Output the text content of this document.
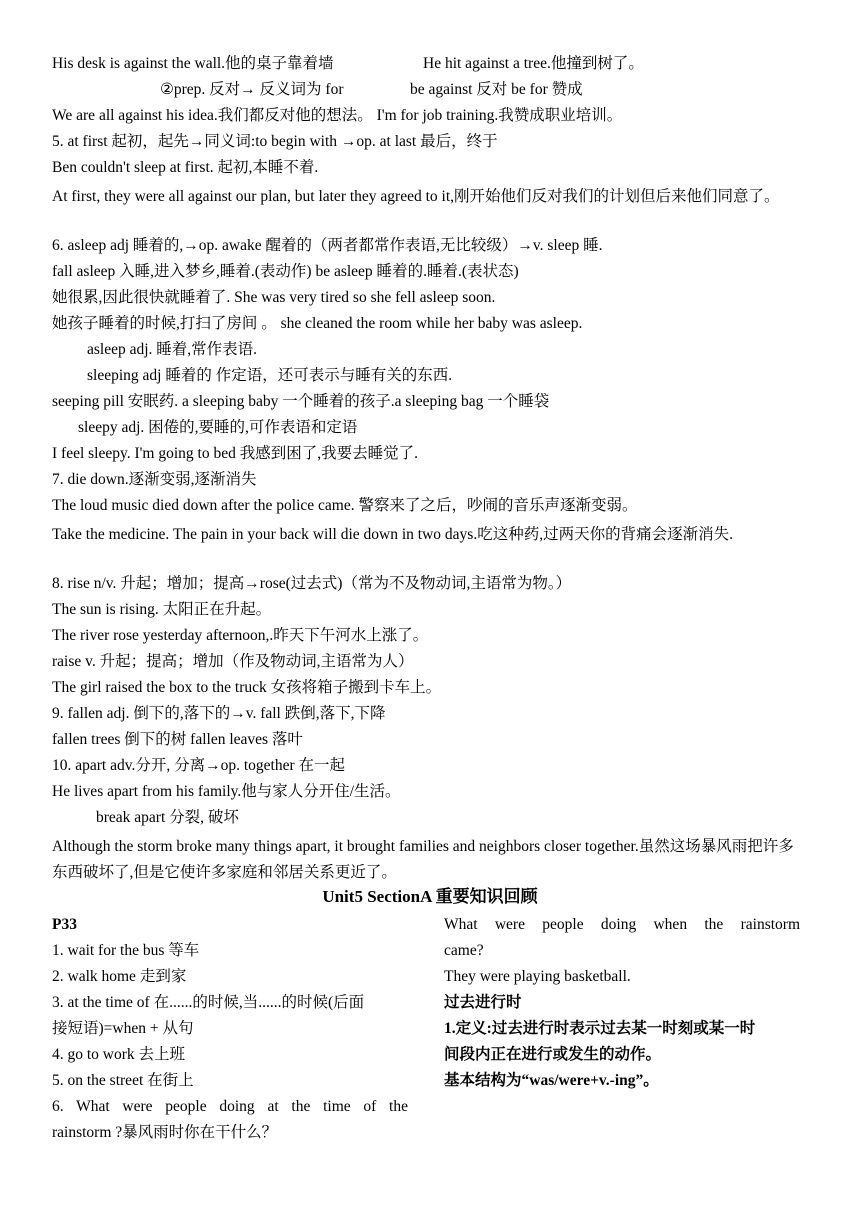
His desk is against the wall.他的桌子靠着墙	He hit against a tree.他撞到树了。
②prep. 反对→ 反义词为 for	be against 反对 be for 赞成
We are all against his idea.我们都反对他的想法。 I'm for job training.我赞成职业培训。
5. at first 起初，起先→同义词:to begin with →op. at last 最后，终于
Ben couldn't sleep at first. 起初,本睡不着.
At first, they were all against our plan, but later they agreed to it,刚开始他们反对我们的计划但后来他们同意了。
6. asleep adj 睡着的,→op. awake 醒着的（两者都常作表语,无比较级）→v. sleep 睡.
fall asleep 入睡,进入梦乡,睡着.(表动作) be asleep 睡着的.睡着.(表状态)
她很累,因此很快就睡着了. She was very tired so she fell asleep soon.
她孩子睡着的时候,打扫了房间 。 she cleaned the room while her baby was asleep.
asleep adj. 睡着,常作表语.
sleeping adj 睡着的 作定语，还可表示与睡有关的东西.
seeping pill 安眠药. a sleeping baby 一个睡着的孩子.a sleeping bag 一个睡袋
sleepy adj. 困倦的,要睡的,可作表语和定语
I feel sleepy. I'm going to bed 我感到困了,我要去睡觉了.
7. die down.逐渐变弱,逐渐消失
The loud music died down after the police came. 警察来了之后，吵闹的音乐声逐渐变弱。
Take the medicine. The pain in your back will die down in two days.吃这种药,过两天你的背痛会逐渐消失.
8. rise n/v. 升起；增加；提高→rose(过去式)（常为不及物动词,主语常为物。）
The sun is rising. 太阳正在升起。
The river rose yesterday afternoon,.昨天下午河水上涨了。
raise v. 升起；提高；增加（作及物动词,主语常为人）
The girl raised the box to the truck 女孩将箱子搬到卡车上。
9. fallen adj. 倒下的,落下的→v. fall 跌倒,落下,下降
fallen trees 倒下的树 fallen leaves 落叶
10. apart adv.分开, 分离→op. together 在一起
He lives apart from his family.他与家人分开住/生活。
break apart 分裂, 破坏
Although the storm broke many things apart, it brought families and neighbors closer together.虽然这场暴风雨把许多东西破坏了,但是它使许多家庭和邻居关系更近了。
Unit5 SectionA 重要知识回顾
P33
1. wait for the bus 等车
2. walk home 走到家
3. at the time of 在......的时候,当......的时候(后面
接短语)=when + 从句
4. go to work 去上班
5. on the street 在街上
6. What were people doing at the time of the
rainstorm ?暴风雨时你在干什么？
What were people doing when the rainstorm
came?
They were playing basketball.
过去进行时
1.定义:过去进行时表示过去某一时刻或某一时
间段内正在进行或发生的动作。
基本结构为“was/were+v.-ing”。
